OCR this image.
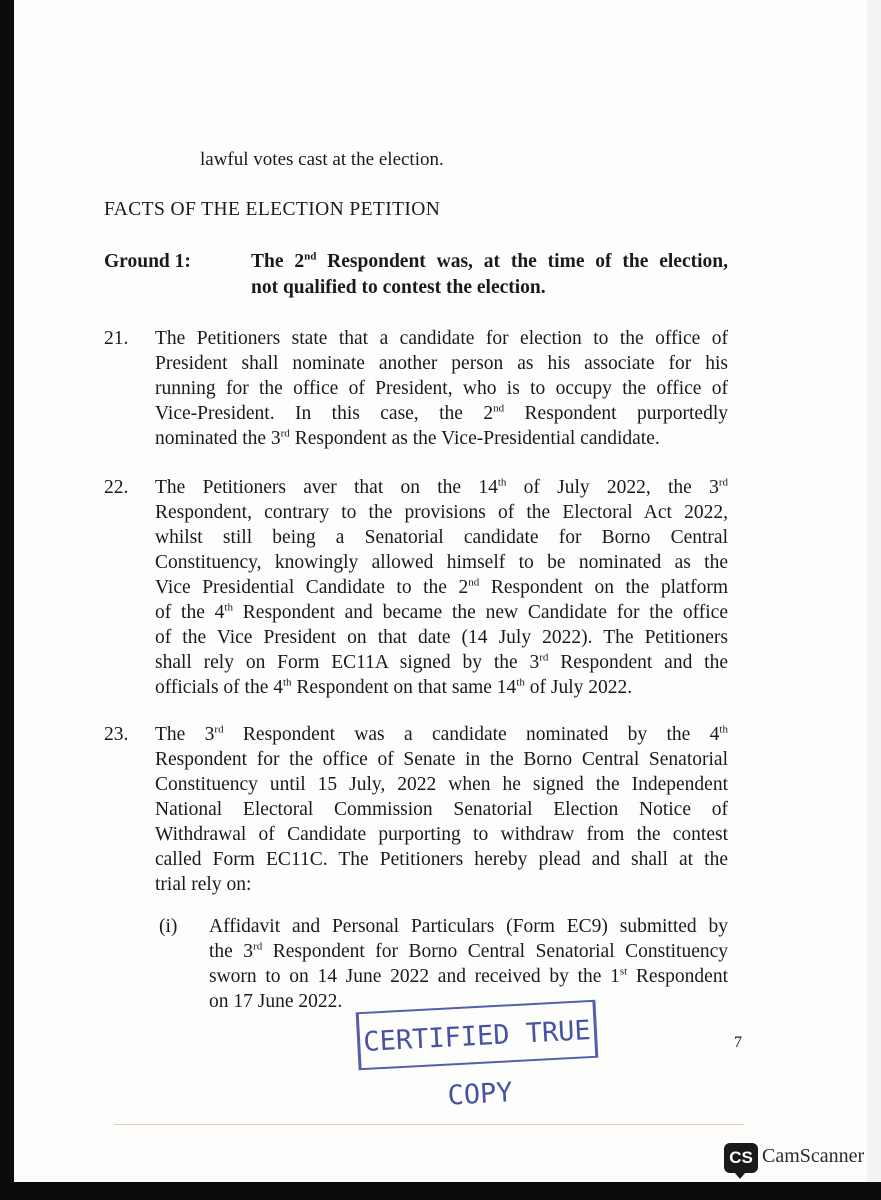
lawful votes cast at the election.
FACTS OF THE ELECTION PETITION
Ground 1:	The 2nd Respondent was, at the time of the election,
not qualified to contest the election.
21. The Petitioners state that a candidate for election to the office of
President shall nominate another person as his associate for his
running for the office of President, who is to occupy the office of
Vice-President. In this case, the 2nd Respondent purportedly
nominated the 3rd Respondent as the Vice-Presidential candidate.
22. The Petitioners aver that on the 14th of July 2022, the 3rd
Respondent, contrary to the provisions of the Electoral Act 2022,
whilst still being a Senatorial candidate for Borno Central
Constituency, knowingly allowed himself to be nominated as the
Vice Presidential Candidate to the 2nd Respondent on the platform
of the 4th Respondent and became the new Candidate for the office
of the Vice President on that date (14 July 2022). The Petitioners
shall rely on Form EC11A signed by the 3rd Respondent and the
officials of the 4th Respondent on that same 14th of July 2022.
23. The 3rd Respondent was a candidate nominated by the 4th
Respondent for the office of Senate in the Borno Central Senatorial
Constituency until 15 July, 2022 when he signed the Independent
National Electoral Commission Senatorial Election Notice of
Withdrawal of Candidate purporting to withdraw from the contest
called Form EC11C. The Petitioners hereby plead and shall at the
trial rely on:
(i) Affidavit and Personal Particulars (Form EC9) submitted by
the 3rd Respondent for Borno Central Senatorial Constituency
sworn to on 14 June 2022 and received by the 1st Respondent
on 17 June 2022.
CERTIFIED TRUE COPY
7
CS CamScanner
